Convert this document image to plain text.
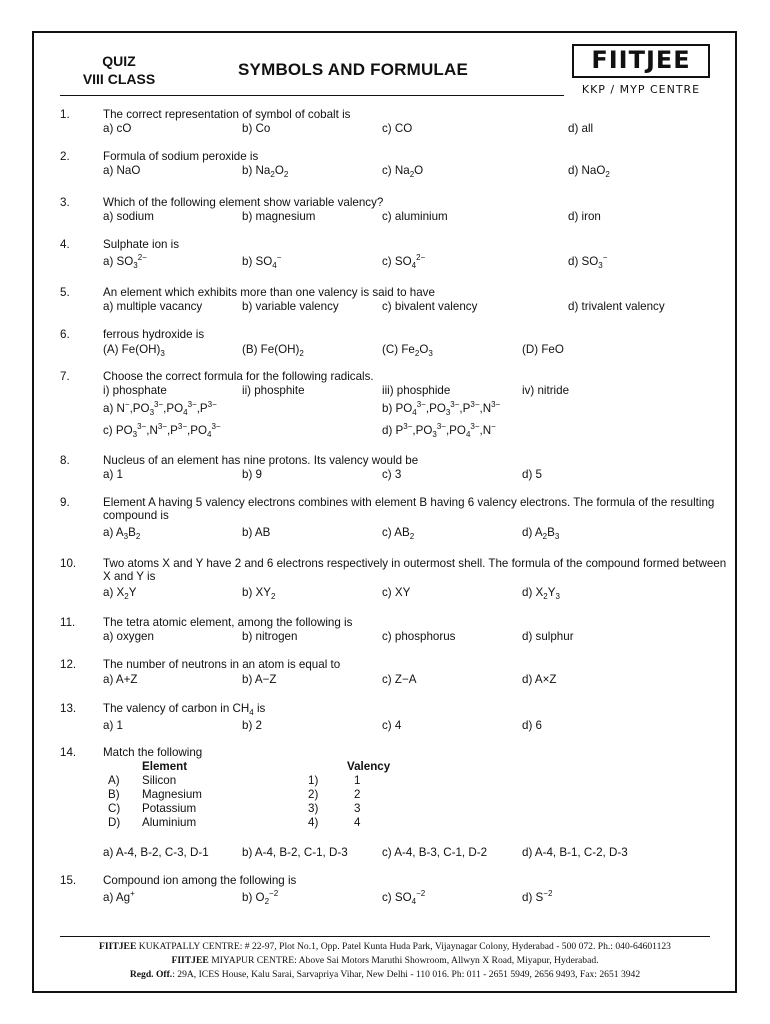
QUIZ
VIII CLASS	SYMBOLS AND FORMULAE	FIITJEE
KKP / MYP CENTRE
1.	The correct representation of symbol of cobalt is
a) cO	b) Co	c) CO	d) all
2.	Formula of sodium peroxide is
a) NaO	b) $Na_2O_2$	c) $Na_2O$	d) NaO$_2$
3.	Which of the following element show variable valency?
a) sodium	b) magnesium	c) aluminium	d) iron
4.	Sulphate ion is
a) $SO_3^{2-}$	b) $SO_4^-$	c) $SO_4^{2-}$	d) $SO_3^-$
5.	An element which exhibits more than one valency is said to have
a) multiple vacancy	b) variable valency	c) bivalent valency	d) trivalent valency
6.	ferrous hydroxide is
(A) $Fe(OH)_3$	(B) $Fe(OH)_2$	(C) $Fe_2O_3$	(D) FeO
7.	Choose the correct formula for the following radicals.
i) phosphate	ii) phosphite	iii) phosphide	iv) nitride
a) $N^-,PO_3^{3-},PO_4^{3-},P^{3-}$	b) $PO_4^{3-},PO_3^{3-},P^{3-},N^{3-}$
c) $PO_3^{3-},N^{3-},P^{3-},PO_4^{3-}$	d) $P^{3-},PO_3^{3-},PO_4^{3-},N^-$
8.	Nucleus of an element has nine protons. Its valency would be
a) 1	b) 9	c) 3	d) 5
9.	Element A having 5 valency electrons combines with element B having 6 valency electrons. The formula of the resulting compound is
a) $A_3B_2$	b) AB	c) $AB_2$	d) $A_2B_3$
10. Two atoms X and Y have 2 and 6 electrons respectively in outermost shell. The formula of the compound formed between X and Y is
a) $X_2Y$	b) $XY_2$	c) XY	d) $X_2Y_3$
11. The tetra atomic element, among the following is
a) oxygen	b) nitrogen	c) phosphorus	d) sulphur
12. The number of neutrons in an atom is equal to
a) A+Z	b) A−Z	c) Z−A	d) A×Z
13. The valency of carbon in $CH_4$ is
a) 1	b) 2	c) 4	d) 6
14. Match the following
Element	Valency
A) Silicon	1)	1
B) Magnesium	2)	2
C) Potassium	3)	3
D) Aluminium	4)	4
a) A-4, B-2, C-3, D-1	b) A-4, B-2, C-1, D-3	c) A-4, B-3, C-1, D-2	d) A-4, B-1, C-2, D-3
15. Compound ion among the following is
a) Ag+	b) $O_2^{-2}$	c) $SO_4^{-2}$	d) $S^{-2}$
FIITJEE KUKATPALLY CENTRE: # 22-97, Plot No.1, Opp. Patel Kunta Huda Park, Vijaynagar Colony, Hyderabad - 500 072. Ph.: 040-64601123
FIITJEE MIYAPUR CENTRE: Above Sai Motors Maruthi Showroom, Allwyn X Road, Miyapur, Hyderabad.
Regd. Off.: 29A, ICES House, Kalu Sarai, Sarvapriya Vihar, New Delhi - 110 016. Ph: 011 - 2651 5949, 2656 9493, Fax: 2651 3942
